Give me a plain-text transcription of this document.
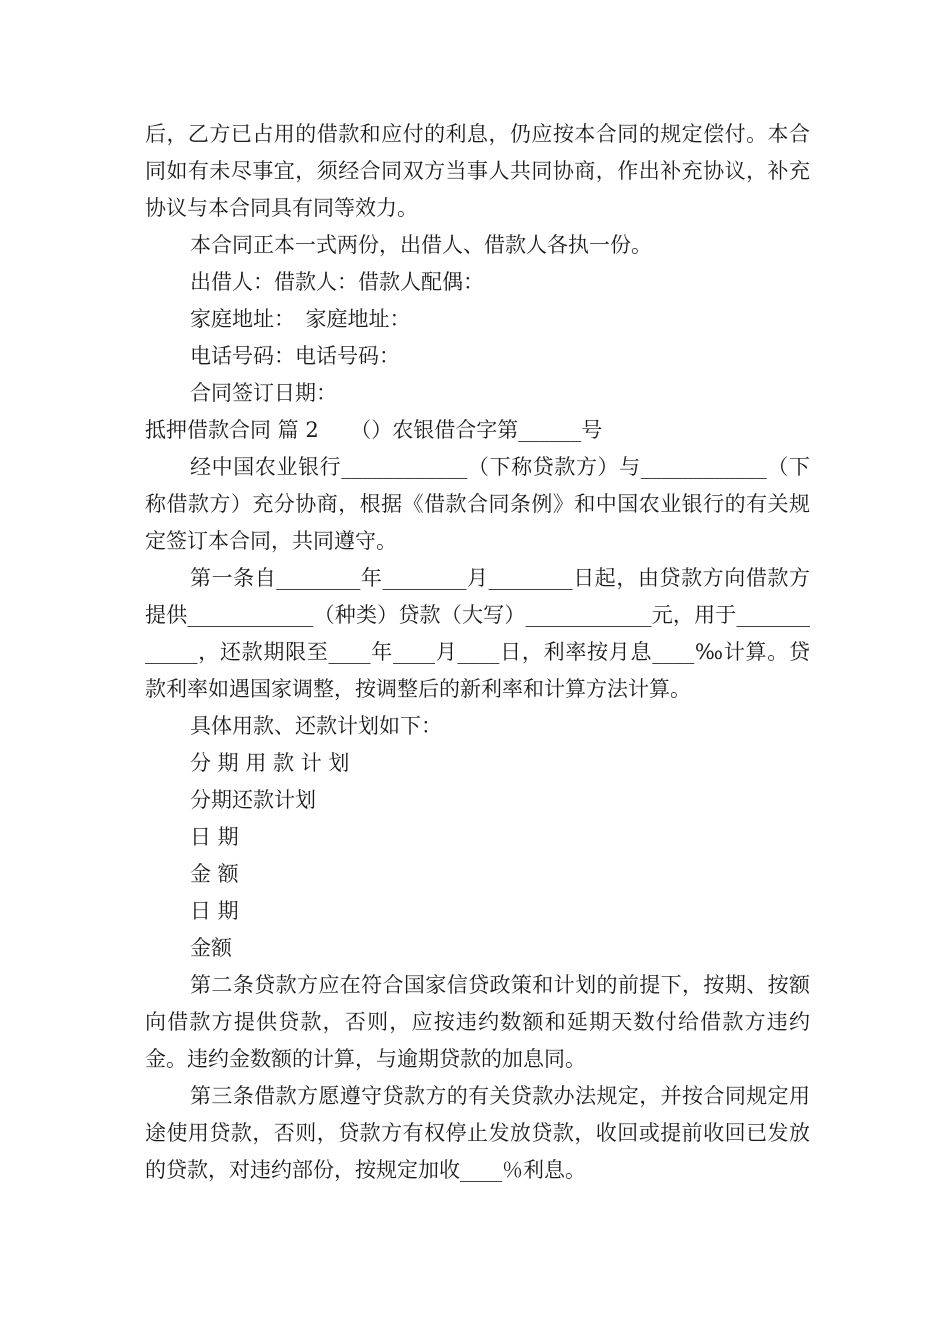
后，乙方已占用的借款和应付的利息，仍应按本合同的规定偿付。本合同如有未尽事宜，须经合同双方当事人共同协商，作出补充协议，补充协议与本合同具有同等效力。

本合同正本一式两份，出借人、借款人各执一份。

出借人：借款人：借款人配偶：

家庭地址：　家庭地址：

电话号码：电话号码：

合同签订日期：

抵押借款合同 篇 2　　（）农银借合字第______号

经中国农业银行____________（下称贷款方）与____________（下称借款方）充分协商，根据《借款合同条例》和中国农业银行的有关规定签订本合同，共同遵守。

第一条自________年________月________日起，由贷款方向借款方提供____________（种类）贷款（大写）____________元，用于____________，还款期限至____年____月____日，利率按月息____‰计算。贷款利率如遇国家调整，按调整后的新利率和计算方法计算。

具体用款、还款计划如下：

分 期 用 款 计 划

分期还款计划

日 期

金 额

日 期

金额

第二条贷款方应在符合国家信贷政策和计划的前提下，按期、按额向借款方提供贷款，否则，应按违约数额和延期天数付给借款方违约金。违约金数额的计算，与逾期贷款的加息同。

第三条借款方愿遵守贷款方的有关贷款办法规定，并按合同规定用途使用贷款，否则，贷款方有权停止发放贷款，收回或提前收回已发放的贷款，对违约部份，按规定加收____％利息。
